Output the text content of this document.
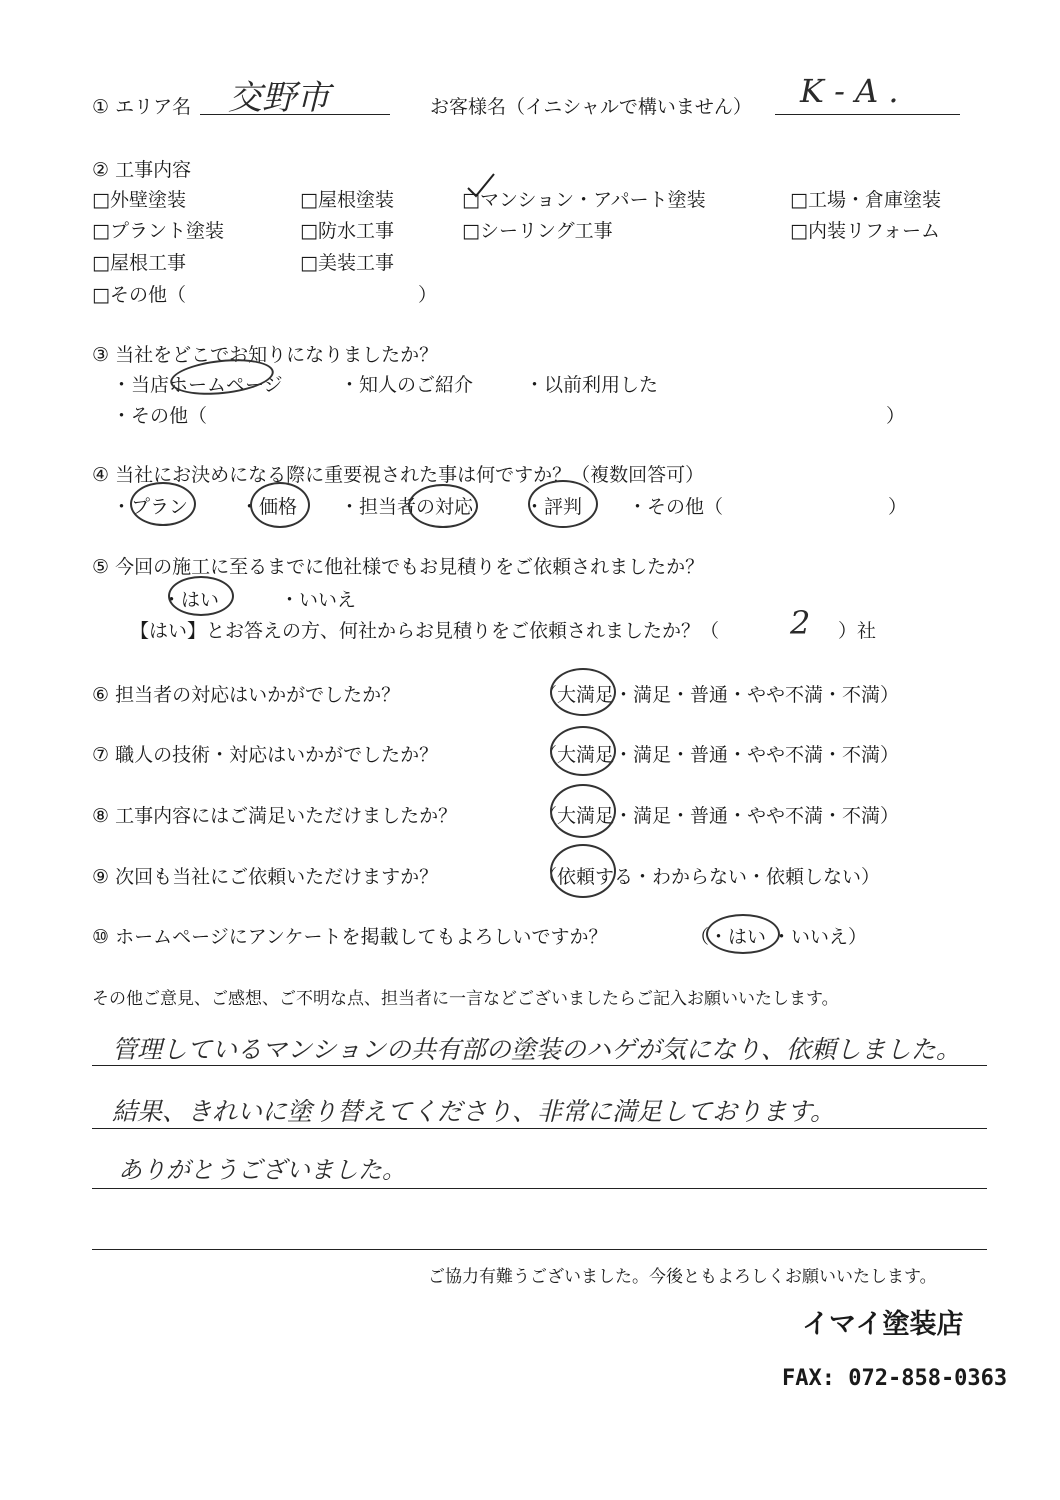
① エリア名 交野市	お客様名（イニシャルで構いません） K - A .
② 工事内容
□外壁塗装	□屋根塗装	□マンション・アパート塗装	□工場・倉庫塗装
□プラント塗装	□防水工事	□シーリング工事	□内装リフォーム
□屋根工事	□美装工事
□その他（	）
③ 当社をどこでお知りになりましたか？
・当店ホームページ	・知人のご紹介	・以前利用した
・その他（	）
④ 当社にお決めになる際に重要視された事は何ですか？（複数回答可）
・プラン	・価格 ・担当者の対応	・評判 ・その他（	）
⑤ 今回の施工に至るまでに他社様でもお見積りをご依頼されましたか？
・はい	・いいえ
【はい】とお答えの方、何社からお見積りをご依頼されましたか？（ 2 ）社
⑥ 担当者の対応はいかがでしたか？	（大満足・満足・普通・やや不満・不満）
⑦ 職人の技術・対応はいかがでしたか？	（大満足・満足・普通・やや不満・不満）
⑧ 工事内容にはご満足いただけましたか？	（大満足・満足・普通・やや不満・不満）
⑨ 次回も当社にご依頼いただけますか？	（依頼する・わからない・依頼しない）
⑩ ホームページにアンケートを掲載してもよろしいですか？	（・はい ・いいえ）
その他ご意見、ご感想、ご不明な点、担当者に一言などございましたらご記入お願いいたします。
管理しているマンションの共有部の塗装のハゲが気になり、依頼しました。
結果、きれいに塗り替えてくださり、非常に満足しております。
ありがとうございました。
ご協力有難うございました。今後ともよろしくお願いいたします。
イマイ塗装店
FAX: 072-858-0363
